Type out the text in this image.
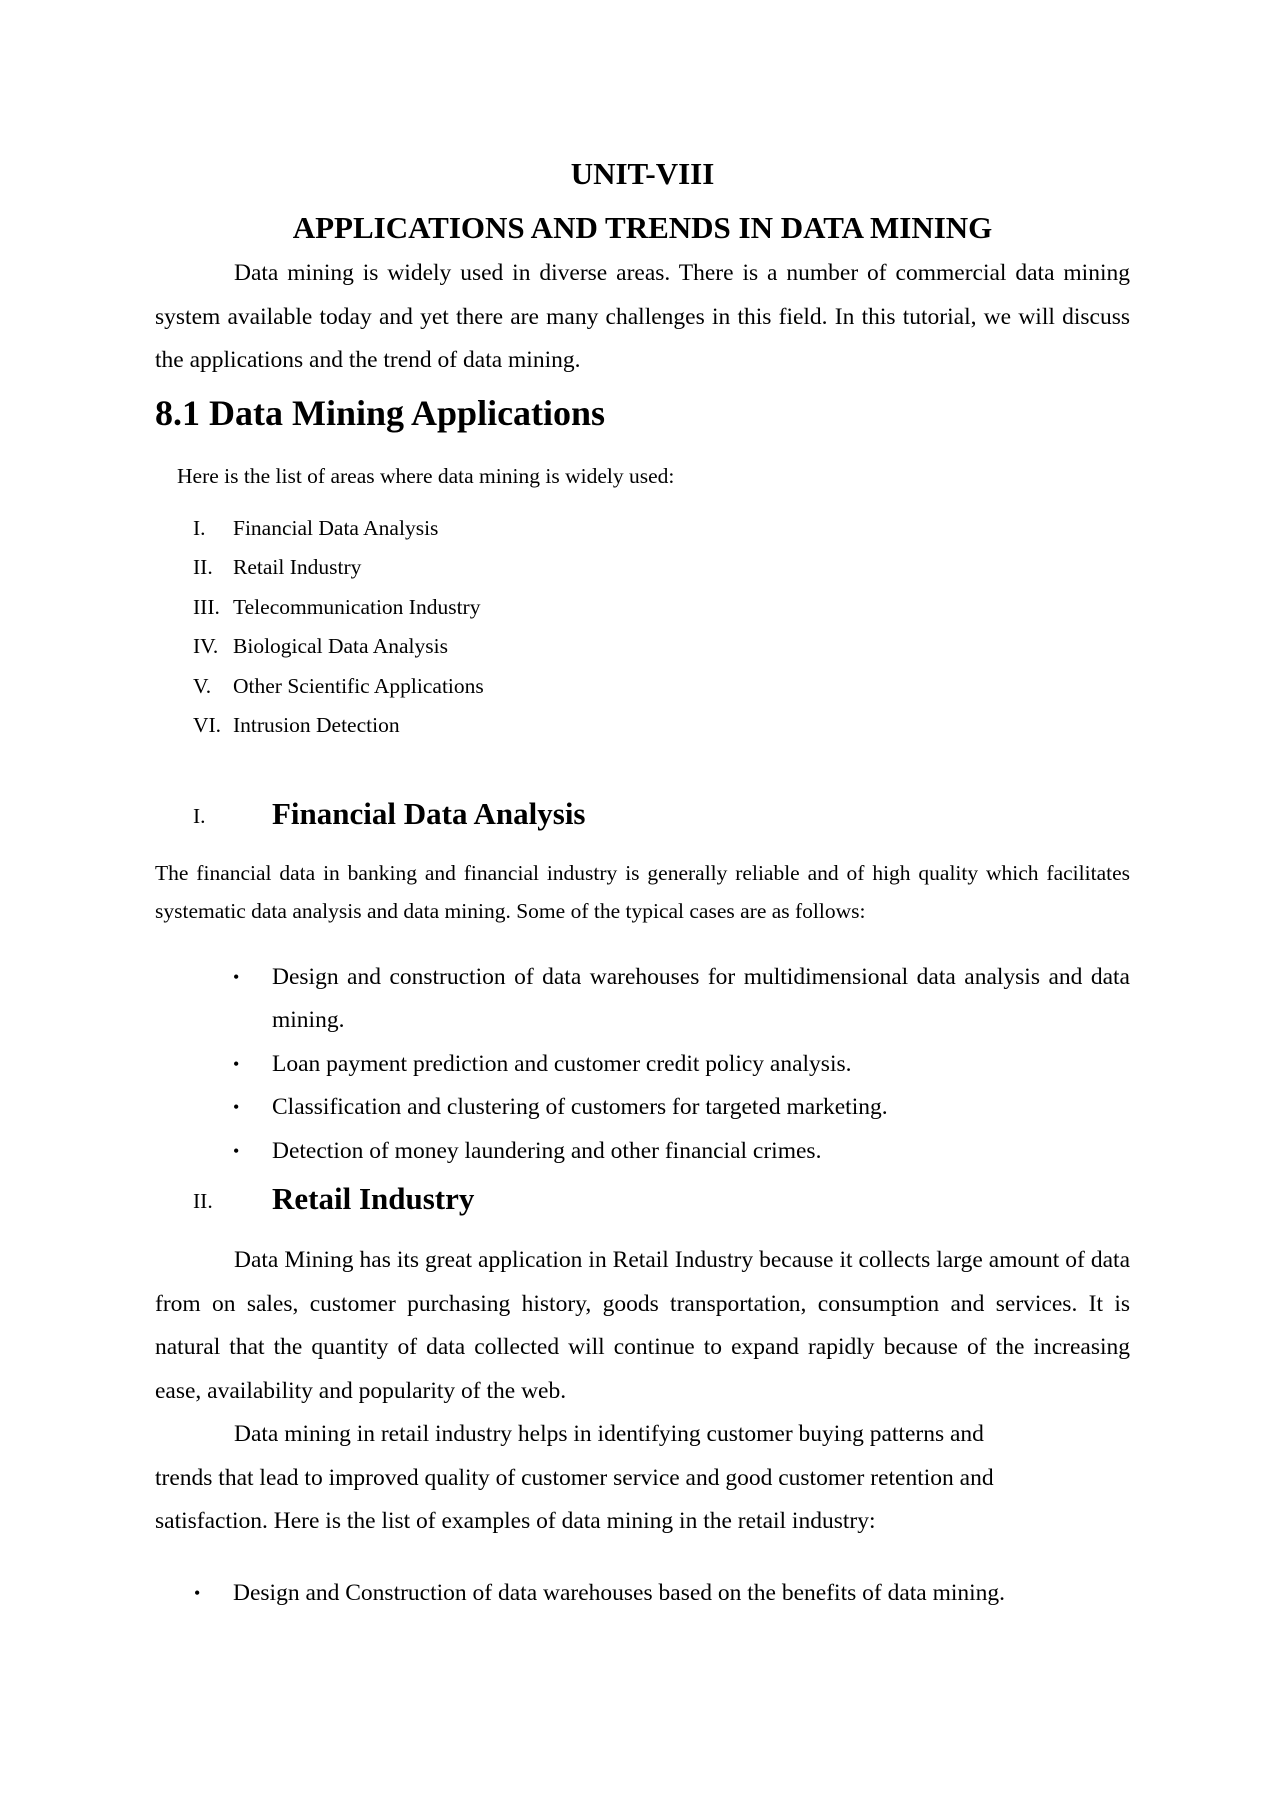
UNIT-VIII
APPLICATIONS AND TRENDS IN DATA MINING

Data mining is widely used in diverse areas. There is a number of commercial data mining system available today and yet there are many challenges in this field. In this tutorial, we will discuss the applications and the trend of data mining.

8.1 Data Mining Applications

Here is the list of areas where data mining is widely used:

I. Financial Data Analysis
II. Retail Industry
III. Telecommunication Industry
IV. Biological Data Analysis
V. Other Scientific Applications
VI. Intrusion Detection
I. Financial Data Analysis

The financial data in banking and financial industry is generally reliable and of high quality which facilitates systematic data analysis and data mining. Some of the typical cases are as follows:

• Design and construction of data warehouses for multidimensional data analysis and data mining.
• Loan payment prediction and customer credit policy analysis.
• Classification and clustering of customers for targeted marketing.
• Detection of money laundering and other financial crimes.
II. Retail Industry

Data Mining has its great application in Retail Industry because it collects large amount of data from on sales, customer purchasing history, goods transportation, consumption and services. It is natural that the quantity of data collected will continue to expand rapidly because of the increasing ease, availability and popularity of the web.

Data mining in retail industry helps in identifying customer buying patterns and
trends that lead to improved quality of customer service and good customer retention and
satisfaction. Here is the list of examples of data mining in the retail industry:
• Design and Construction of data warehouses based on the benefits of data mining.
